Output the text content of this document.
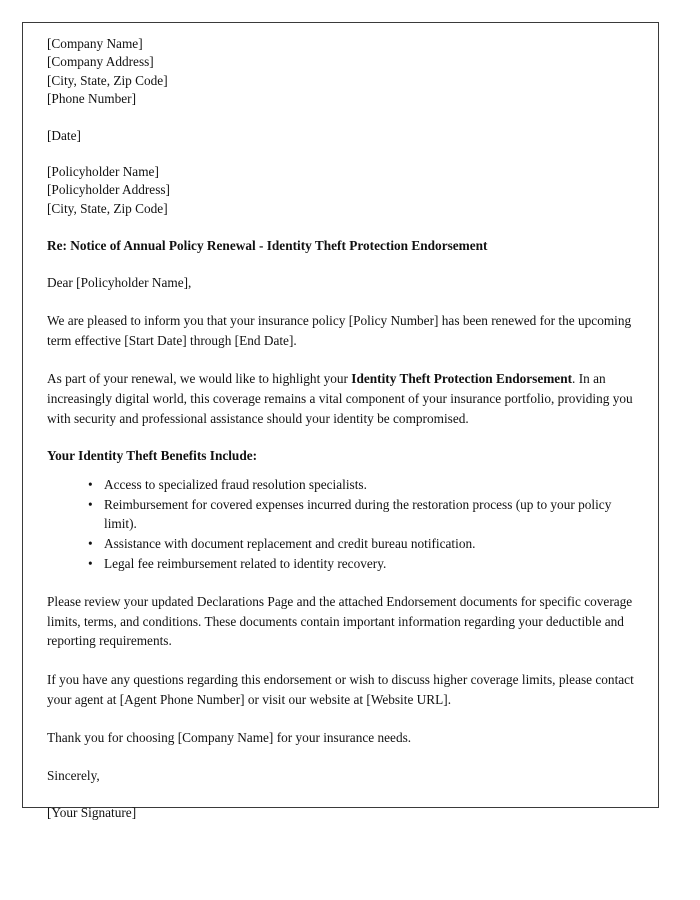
[Company Name]
[Company Address]
[City, State, Zip Code]
[Phone Number]
[Date]
[Policyholder Name]
[Policyholder Address]
[City, State, Zip Code]
Re: Notice of Annual Policy Renewal - Identity Theft Protection Endorsement
Dear [Policyholder Name],

We are pleased to inform you that your insurance policy [Policy Number] has been renewed for the upcoming term effective [Start Date] through [End Date].

As part of your renewal, we would like to highlight your Identity Theft Protection Endorsement. In an increasingly digital world, this coverage remains a vital component of your insurance portfolio, providing you with security and professional assistance should your identity be compromised.

Your Identity Theft Benefits Include:
• Access to specialized fraud resolution specialists.
• Reimbursement for covered expenses incurred during the restoration process (up to your policy limit).
• Assistance with document replacement and credit bureau notification.
• Legal fee reimbursement related to identity recovery.

Please review your updated Declarations Page and the attached Endorsement documents for specific coverage limits, terms, and conditions. These documents contain important information regarding your deductible and reporting requirements.

If you have any questions regarding this endorsement or wish to discuss higher coverage limits, please contact your agent at [Agent Phone Number] or visit our website at [Website URL].

Thank you for choosing [Company Name] for your insurance needs.

Sincerely,
[Your Signature]
